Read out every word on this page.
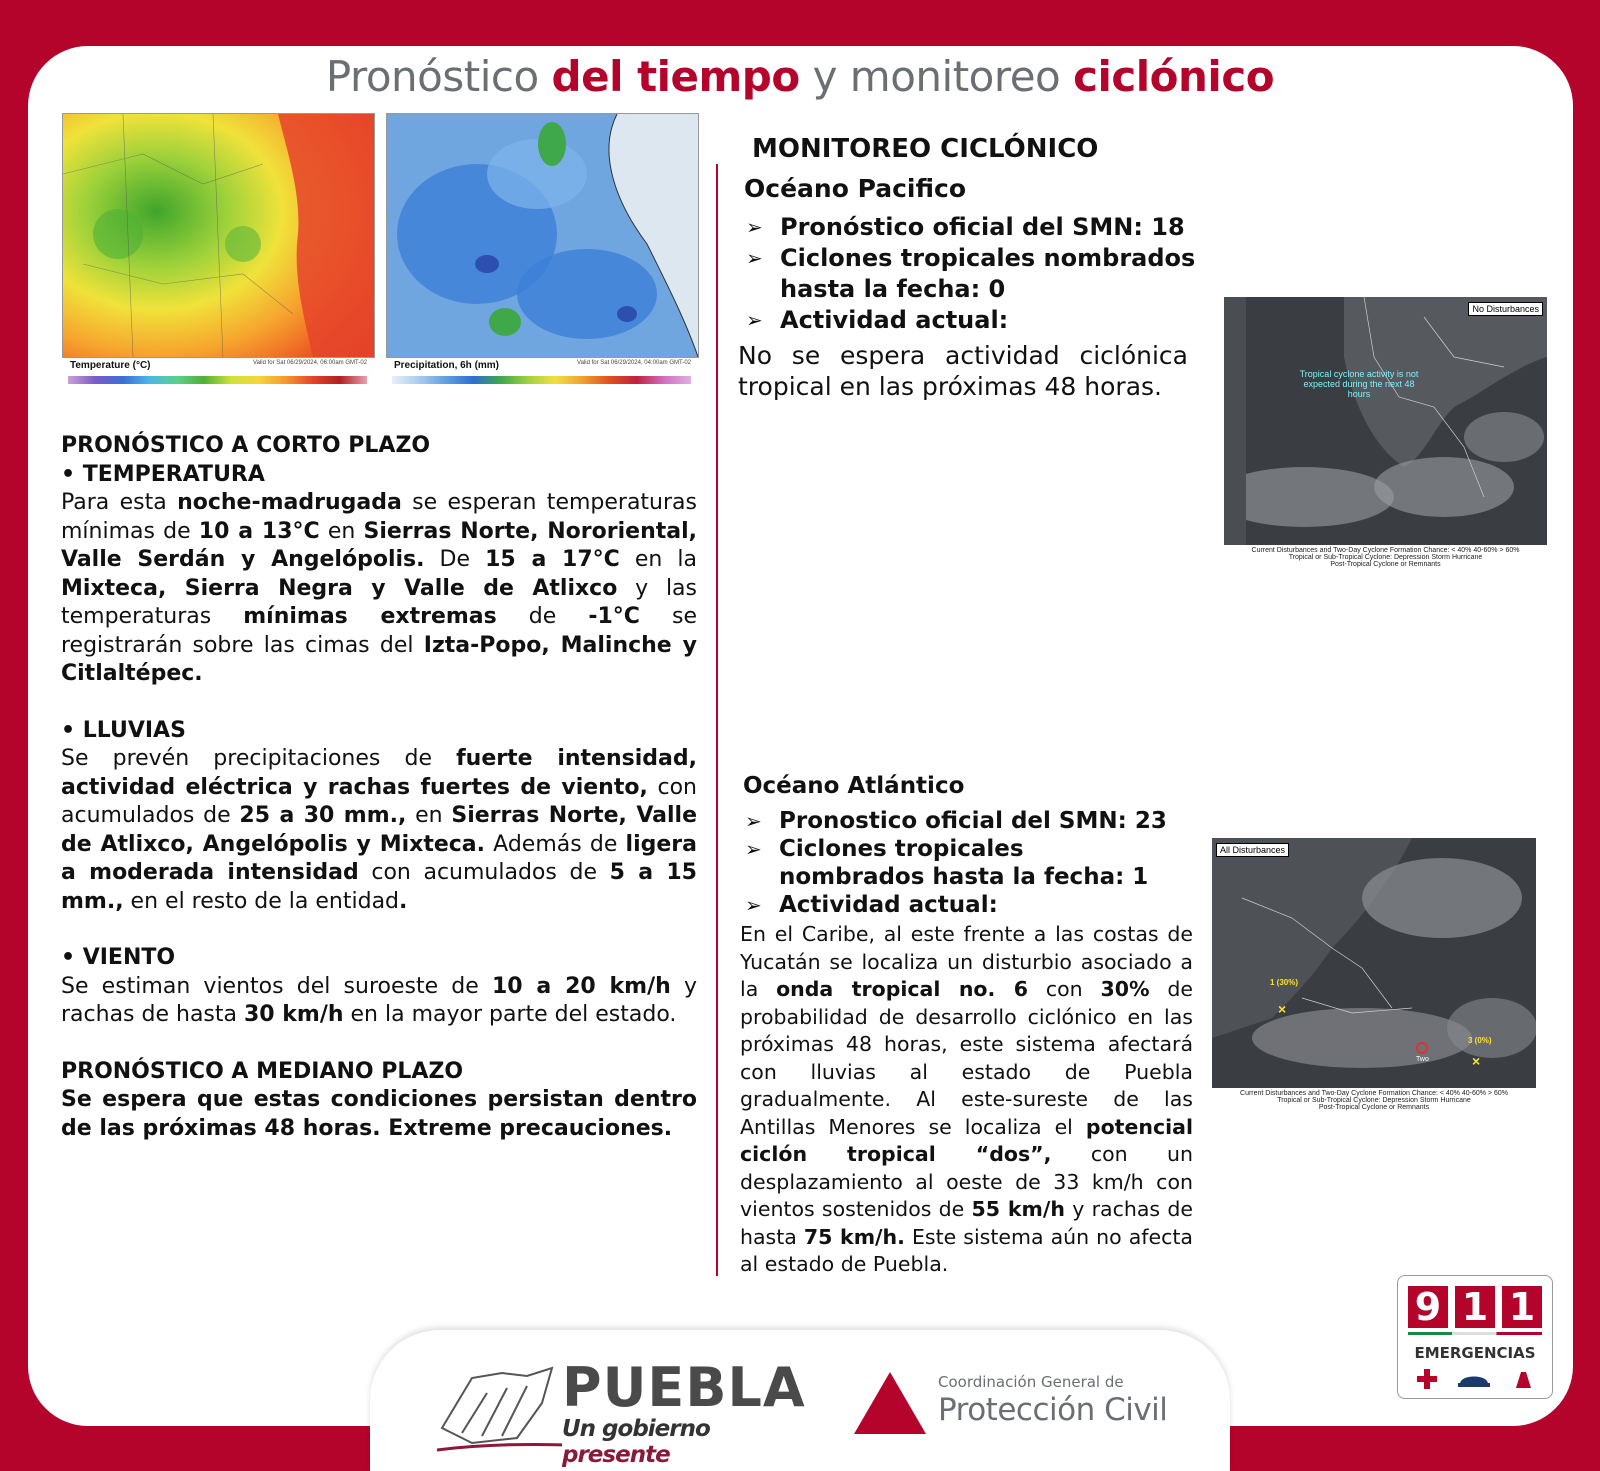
Pronóstico del tiempo y monitoreo ciclónico
Temperature (°C)	Valid for Sat 06/29/2024, 06:00am GMT-02	Precipitation, 6h (mm)	Valid for Sat 06/29/2024, 04:00am GMT-02
PRONÓSTICO A CORTO PLAZO
• TEMPERATURA
Para esta noche-madrugada se esperan temperaturas mínimas de 10 a 13°C en Sierras Norte, Nororiental, Valle Serdán y Angelópolis. De 15 a 17°C en la Mixteca, Sierra Negra y Valle de Atlixco y las temperaturas mínimas extremas de -1°C se registrarán sobre las cimas del Izta-Popo, Malinche y Citlaltépec.
• LLUVIAS
Se prevén precipitaciones de fuerte intensidad, actividad eléctrica y rachas fuertes de viento, con acumulados de 25 a 30 mm., en Sierras Norte, Valle de Atlixco, Angelópolis y Mixteca. Además de ligera a moderada intensidad con acumulados de 5 a 15 mm., en el resto de la entidad.
• VIENTO
Se estiman vientos del suroeste de 10 a 20 km/h y rachas de hasta 30 km/h en la mayor parte del estado.
PRONÓSTICO A MEDIANO PLAZO
Se espera que estas condiciones persistan dentro de las próximas 48 horas. Extreme precauciones.
MONITOREO CICLÓNICO
Océano Pacifico
➢ Pronóstico oficial del SMN: 18
➢ Ciclones tropicales nombrados
hasta la fecha: 0
➢ Actividad actual:
No se espera actividad ciclónica tropical en las próximas 48 horas.
No Disturbances
Tropical cyclone activity is not expected during the next 48 hours
Current Disturbances and Two-Day Cyclone Formation Chance: < 40% 40-60% > 60%
Tropical or Sub-Tropical Cyclone: Depression Storm Hurricane
Post-Tropical Cyclone or Remnants
Océano Atlántico
➢ Pronostico oficial del SMN: 23
➢ Ciclones tropicales
nombrados hasta la fecha: 1
➢ Actividad actual:
En el Caribe, al este frente a las costas de Yucatán se localiza un disturbio asociado a la onda tropical no. 6 con 30% de probabilidad de desarrollo ciclónico en las próximas 48 horas, este sistema afectará con lluvias al estado de Puebla gradualmente. Al este-sureste de las Antillas Menores se localiza el potencial ciclón tropical “dos”, con un desplazamiento al oeste de 33 km/h con vientos sostenidos de 55 km/h y rachas de hasta 75 km/h. Este sistema aún no afecta al estado de Puebla.
×
×
All Disturbances
1 (30%)
3 (0%)
Two
Current Disturbances and Two-Day Cyclone Formation Chance: < 40% 40-60% > 60%
Tropical or Sub-Tropical Cyclone: Depression Storm Hurricane
Post-Tropical Cyclone or Remnants
PUEBLA
Un gobierno presente
Coordinación General de
Protección Civil
9 1 1
EMERGENCIAS
